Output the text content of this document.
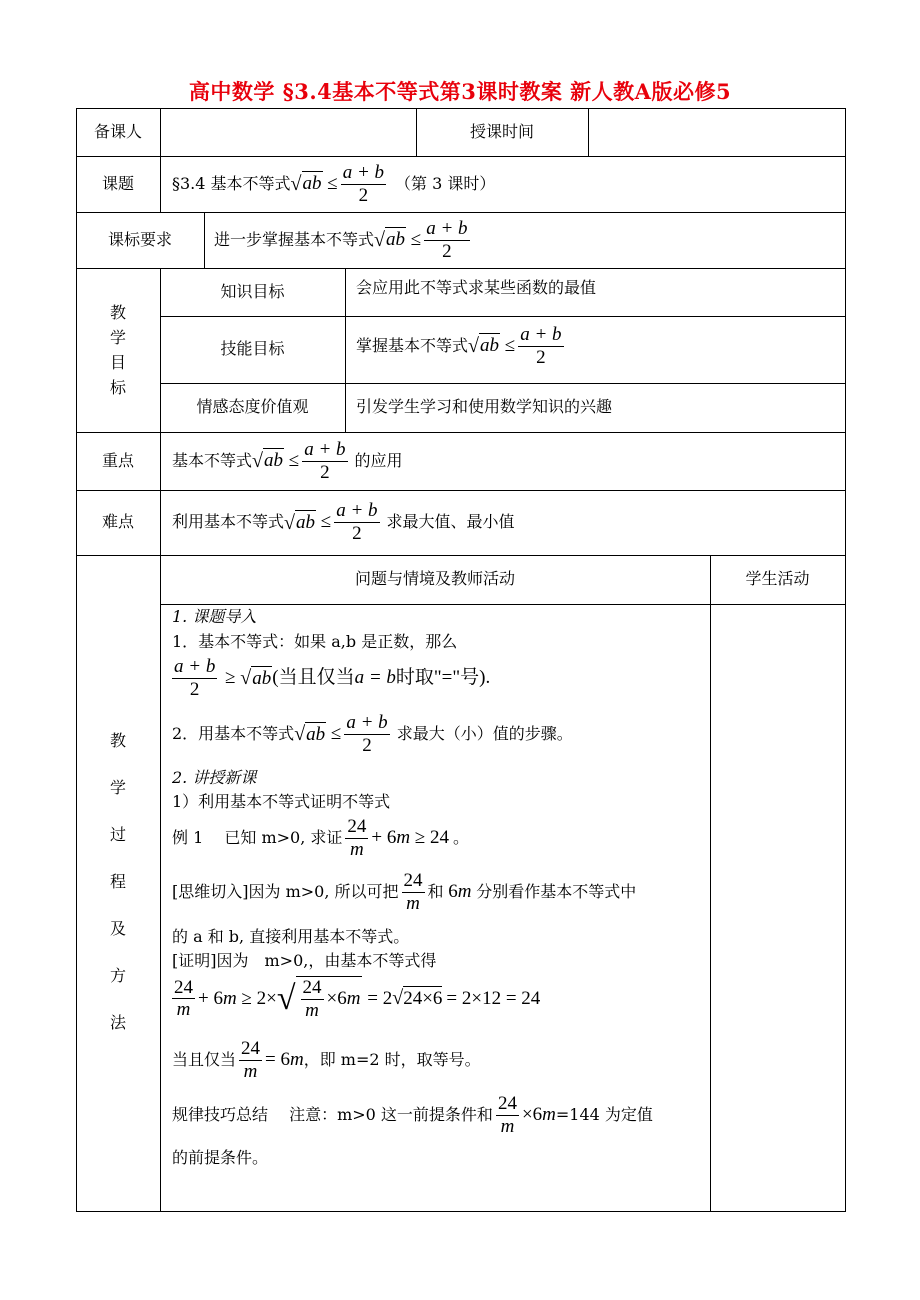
高中数学 §3.4基本不等式第3课时教案 新人教A版必修5
备课人	授课时间
课题	§3.4 基本不等式 √ ab ≤ $\frac{a + b}{2}$ （第 3 课时）
课标要求	进一步掌握基本不等式 √ ab ≤ $\frac{a + b}{2}$
教
学
目
标
知识目标	会应用此不等式求某些函数的最值
技能目标	掌握基本不等式 √ ab ≤ $\frac{a + b}{2}$
情感态度价值观	引发学生学习和使用数学知识的兴趣
重点	基本不等式 √ ab ≤ $\frac{a + b}{2}$ 的应用
难点	利用基本不等式 √ ab ≤ $\frac{a + b}{2}$ 求最大值、最小值
教
学
过
程
及
方
法
问题与情境及教师活动	学生活动
1. 课题导入
1．基本不等式：如果 a,b 是正数，那么
$\frac{a + b}{2}$ ≥ √ ab (当且仅当 a = b 时取"="号).
2．用基本不等式 √ ab ≤ $\frac{a + b}{2}$ 求最大（小）值的步骤。
2. 讲授新课
1）利用基本不等式证明不等式
例 1　 已知 m>0, 求证 $\frac{24}{m} + 6m \ge 24$ 。
[思维切入]因为 m>0, 所以可把 $\frac{24}{m}$ 和 6m 分别看作基本不等式中
的 a 和 b, 直接利用基本不等式。
[证明]因为　m>0,，由基本不等式得
$\frac{24}{m} + 6m \ge 2\times$ √ $\frac{24}{m} \times 6m = 2$ √ 24×6 = 2×12 = 24
当且仅当 $\frac{24}{m} = 6m$ ，即 m=2 时，取等号。
规律技巧总结　 注意：m>0 这一前提条件和 $\frac{24}{m} \times 6m =144$ 为定值
的前提条件。
